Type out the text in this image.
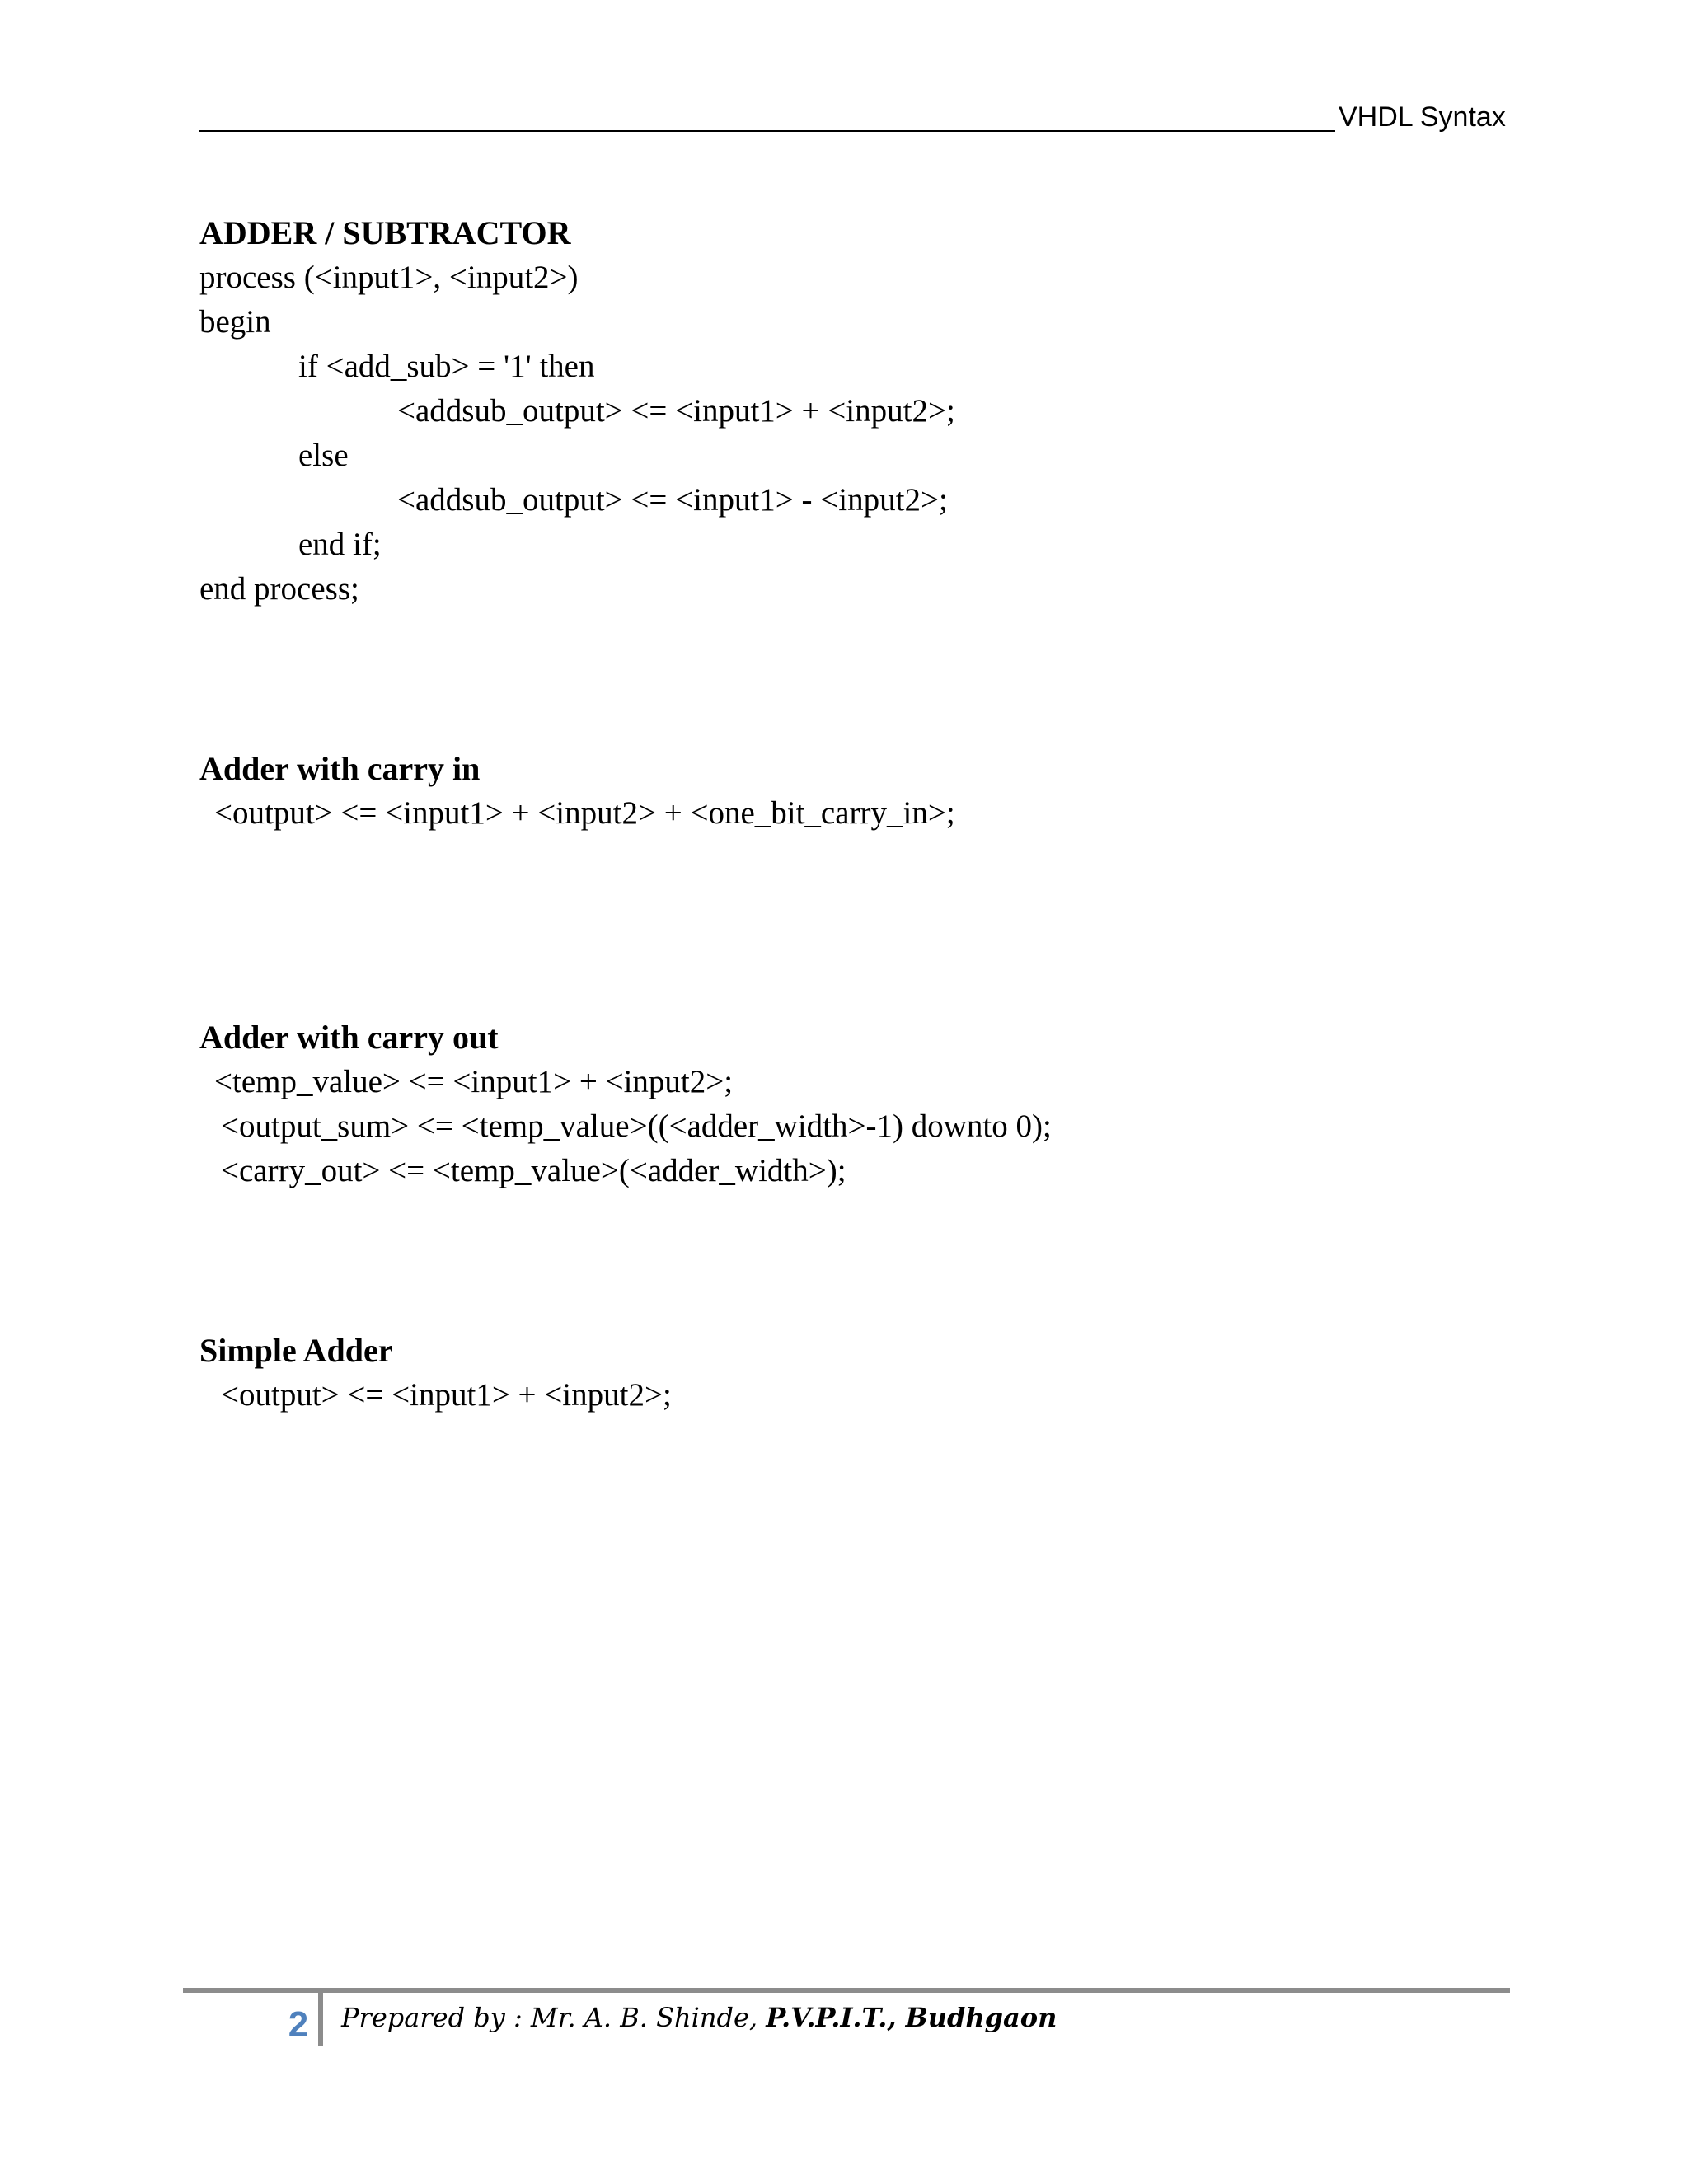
VHDL Syntax
ADDER / SUBTRACTOR
process (<input1>, <input2>)
begin
if <add_sub> = '1' then
<addsub_output> <= <input1> + <input2>;
else
<addsub_output> <= <input1> - <input2>;
end if;
end process;
Adder with carry in
<output> <= <input1> + <input2> + <one_bit_carry_in>;
Adder with carry out
<temp_value> <= <input1> + <input2>;
<output_sum> <= <temp_value>((<adder_width>-1) downto 0);
<carry_out> <= <temp_value>(<adder_width>);
Simple Adder
<output> <= <input1> + <input2>;
2 Prepared by : Mr. A. B. Shinde, P.V.P.I.T., Budhgaon
